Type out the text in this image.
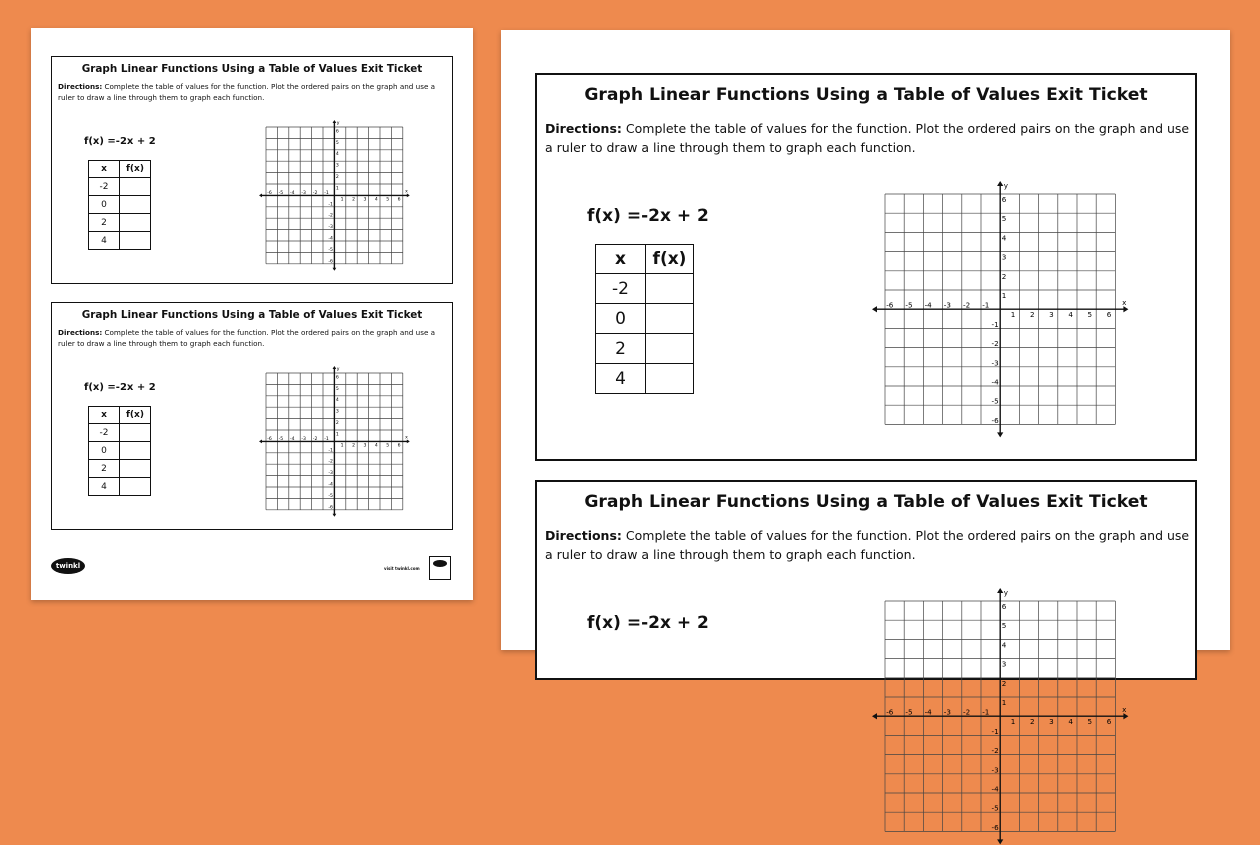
Graph Linear Functions Using a Table of Values Exit Ticket
Directions: Complete the table of values for the function. Plot the ordered pairs on the graph and use a ruler to draw a line through them to graph each function.
f(x) =-2x + 2
x	f(x)
-2	
0	
2	
4	
x
y
-6 -5 -4 -3 -2 -1
1 2 3 4 5 6
6
5
4
3
2
1
-1
-2
-3
-4
-5
-6
Graph Linear Functions Using a Table of Values Exit Ticket
Directions: Complete the table of values for the function. Plot the ordered pairs on the graph and use a ruler to draw a line through them to graph each function.
f(x) =-2x + 2
x	f(x)
-2	
0	
2	
4	
x
y
-6 -5 -4 -3 -2 -1
1 2 3 4 5 6
6
5
4
3
2
1
-1
-2
-3
-4
-5
-6
twinkl	visit twinkl.com
Graph Linear Functions Using a Table of Values Exit Ticket
Directions: Complete the table of values for the function. Plot the ordered pairs on the graph and use a ruler to draw a line through them to graph each function.
f(x) =-2x + 2
x	f(x)
-2	
0	
2	
4	
x
y
-6 -5 -4 -3 -2 -1
1 2 3 4 5 6
6
5
4
3
2
1
-1
-2
-3
-4
-5
-6
Graph Linear Functions Using a Table of Values Exit Ticket
Directions: Complete the table of values for the function. Plot the ordered pairs on the graph and use a ruler to draw a line through them to graph each function.
f(x) =-2x + 2
x
y
-6 -5 -4 -3 -2 -1
1 2 3 4 5 6
6
5
4
3
2
1
-1
-2
-3
-4
-5
-6
